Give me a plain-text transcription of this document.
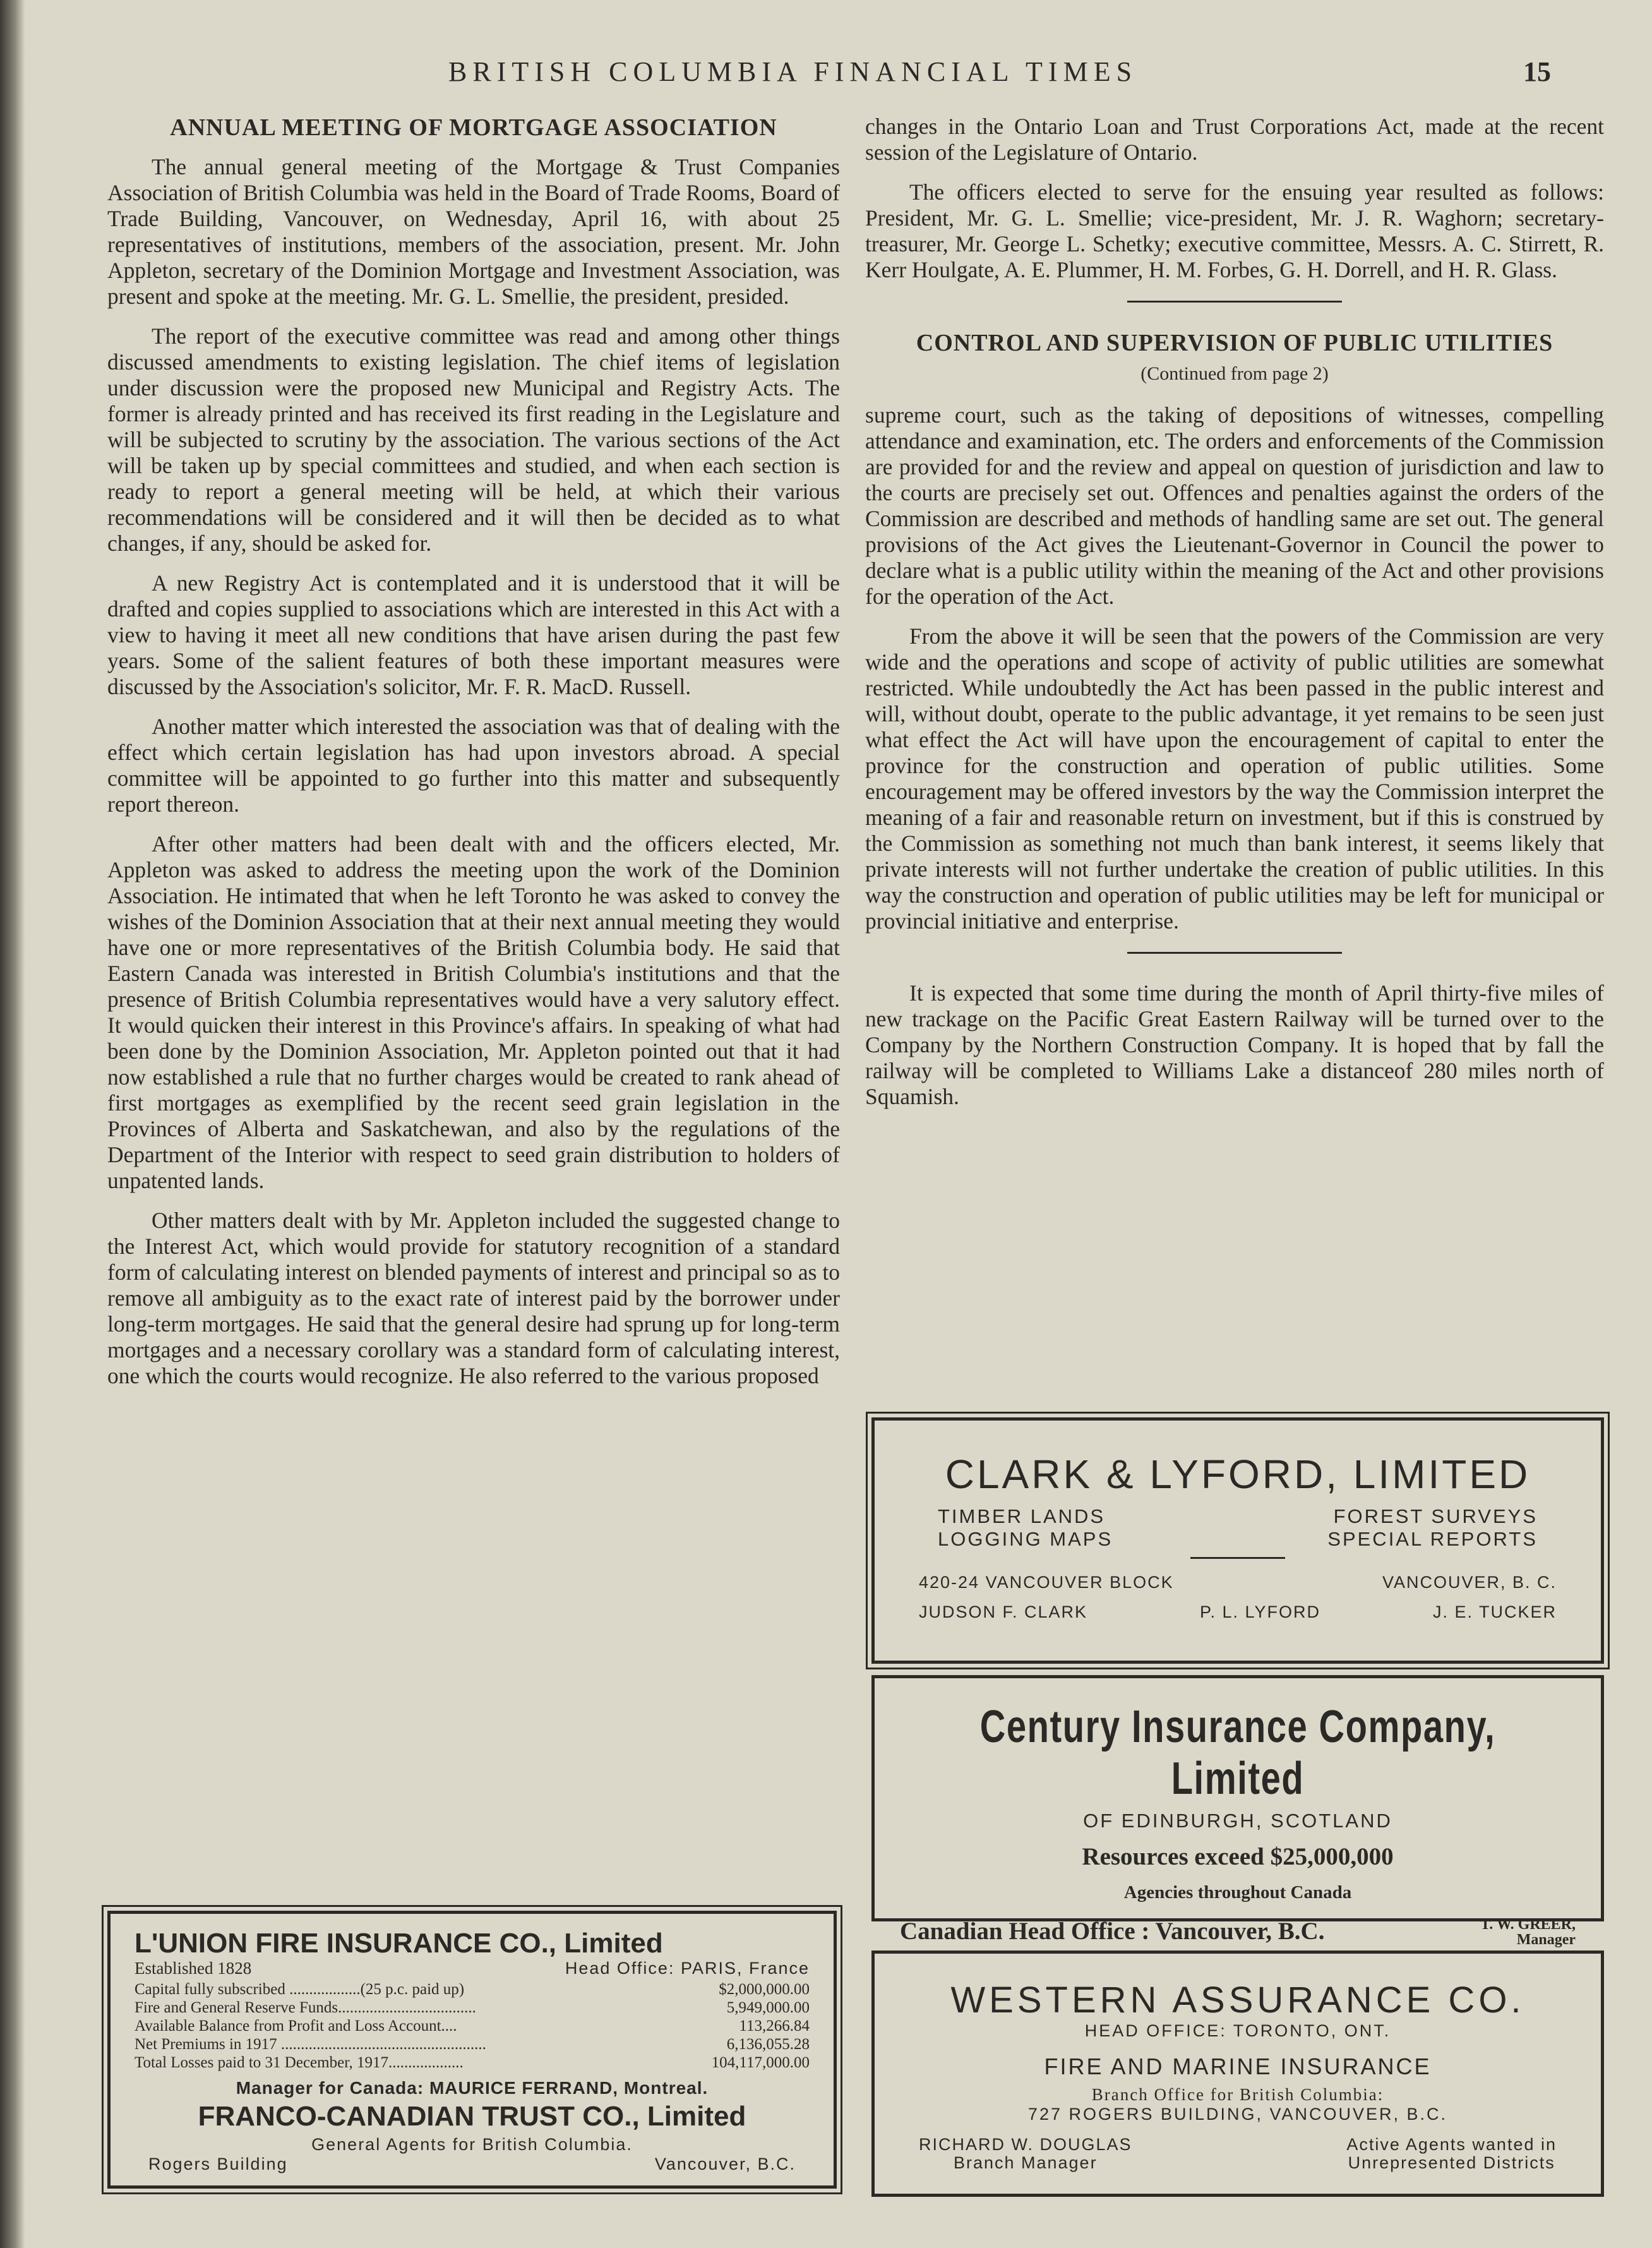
BRITISH COLUMBIA FINANCIAL TIMES	15
ANNUAL MEETING OF MORTGAGE ASSOCIATION

The annual general meeting of the Mortgage & Trust Companies Association of British Columbia was held in the Board of Trade Rooms, Board of Trade Building, Vancouver, on Wednesday, April 16, with about 25 representatives of institutions, members of the association, present. Mr. John Appleton, secretary of the Dominion Mortgage and Investment Association, was present and spoke at the meeting. Mr. G. L. Smellie, the president, presided.

The report of the executive committee was read and among other things discussed amendments to existing legislation. The chief items of legislation under discussion were the proposed new Municipal and Registry Acts. The former is already printed and has received its first reading in the Legislature and will be subjected to scrutiny by the association. The various sections of the Act will be taken up by special committees and studied, and when each section is ready to report a general meeting will be held, at which their various recommendations will be considered and it will then be decided as to what changes, if any, should be asked for.

A new Registry Act is contemplated and it is understood that it will be drafted and copies supplied to associations which are interested in this Act with a view to having it meet all new conditions that have arisen during the past few years. Some of the salient features of both these important measures were discussed by the Association's solicitor, Mr. F. R. MacD. Russell.

Another matter which interested the association was that of dealing with the effect which certain legislation has had upon investors abroad. A special committee will be appointed to go further into this matter and subsequently report thereon.

After other matters had been dealt with and the officers elected, Mr. Appleton was asked to address the meeting upon the work of the Dominion Association. He intimated that when he left Toronto he was asked to convey the wishes of the Dominion Association that at their next annual meeting they would have one or more representatives of the British Columbia body. He said that Eastern Canada was interested in British Columbia's institutions and that the presence of British Columbia representatives would have a very salutory effect. It would quicken their interest in this Province's affairs. In speaking of what had been done by the Dominion Association, Mr. Appleton pointed out that it had now established a rule that no further charges would be created to rank ahead of first mortgages as exemplified by the recent seed grain legislation in the Provinces of Alberta and Saskatchewan, and also by the regulations of the Department of the Interior with respect to seed grain distribution to holders of unpatented lands.

Other matters dealt with by Mr. Appleton included the suggested change to the Interest Act, which would provide for statutory recognition of a standard form of calculating interest on blended payments of interest and principal so as to remove all ambiguity as to the exact rate of interest paid by the borrower under long-term mortgages. He said that the general desire had sprung up for long-term mortgages and a necessary corollary was a standard form of calculating interest, one which the courts would recognize. He also referred to the various proposed

changes in the Ontario Loan and Trust Corporations Act, made at the recent session of the Legislature of Ontario.

The officers elected to serve for the ensuing year resulted as follows: President, Mr. G. L. Smellie; vice-president, Mr. J. R. Waghorn; secretary-treasurer, Mr. George L. Schetky; executive committee, Messrs. A. C. Stirrett, R. Kerr Houlgate, A. E. Plummer, H. M. Forbes, G. H. Dorrell, and H. R. Glass.

CONTROL AND SUPERVISION OF PUBLIC UTILITIES
(Continued from page 2)

supreme court, such as the taking of depositions of witnesses, compelling attendance and examination, etc. The orders and enforcements of the Commission are provided for and the review and appeal on question of jurisdiction and law to the courts are precisely set out. Offences and penalties against the orders of the Commission are described and methods of handling same are set out. The general provisions of the Act gives the Lieutenant-Governor in Council the power to declare what is a public utility within the meaning of the Act and other provisions for the operation of the Act.

From the above it will be seen that the powers of the Commission are very wide and the operations and scope of activity of public utilities are somewhat restricted. While undoubtedly the Act has been passed in the public interest and will, without doubt, operate to the public advantage, it yet remains to be seen just what effect the Act will have upon the encouragement of capital to enter the province for the construction and operation of public utilities. Some encouragement may be offered investors by the way the Commission interpret the meaning of a fair and reasonable return on investment, but if this is construed by the Commission as something not much than bank interest, it seems likely that private interests will not further undertake the creation of public utilities. In this way the construction and operation of public utilities may be left for municipal or provincial initiative and enterprise.

It is expected that some time during the month of April thirty-five miles of new trackage on the Pacific Great Eastern Railway will be turned over to the Company by the Northern Construction Company. It is hoped that by fall the railway will be completed to Williams Lake a distanceof 280 miles north of Squamish.

CLARK & LYFORD, LIMITED
TIMBER LANDS	FOREST SURVEYS
LOGGING MAPS	SPECIAL REPORTS
420-24 VANCOUVER BLOCK	VANCOUVER, B. C.
JUDSON F. CLARK	P. L. LYFORD	J. E. TUCKER
Century Insurance Company, Limited
OF EDINBURGH, SCOTLAND
Resources exceed $25,000,000
Agencies throughout Canada
Canadian Head Office : Vancouver, B.C.	T. W. GREER,
Manager
WESTERN ASSURANCE CO.
HEAD OFFICE: TORONTO, ONT.
FIRE AND MARINE INSURANCE
Branch Office for British Columbia:
727 ROGERS BUILDING, VANCOUVER, B.C.
RICHARD W. DOUGLAS
Branch Manager
Active Agents wanted in
Unrepresented Districts
L'UNION FIRE INSURANCE CO., Limited
Established 1828	Head Office: PARIS, France
Capital fully subscribed ..................(25 p.c. paid up)	$2,000,000.00
Fire and General Reserve Funds...................................	5,949,000.00
Available Balance from Profit and Loss Account....	113,266.84
Net Premiums in 1917 ....................................................	6,136,055.28
Total Losses paid to 31 December, 1917...................	104,117,000.00
Manager for Canada: MAURICE FERRAND, Montreal.
FRANCO-CANADIAN TRUST CO., Limited
General Agents for British Columbia.
Rogers Building	Vancouver, B.C.
